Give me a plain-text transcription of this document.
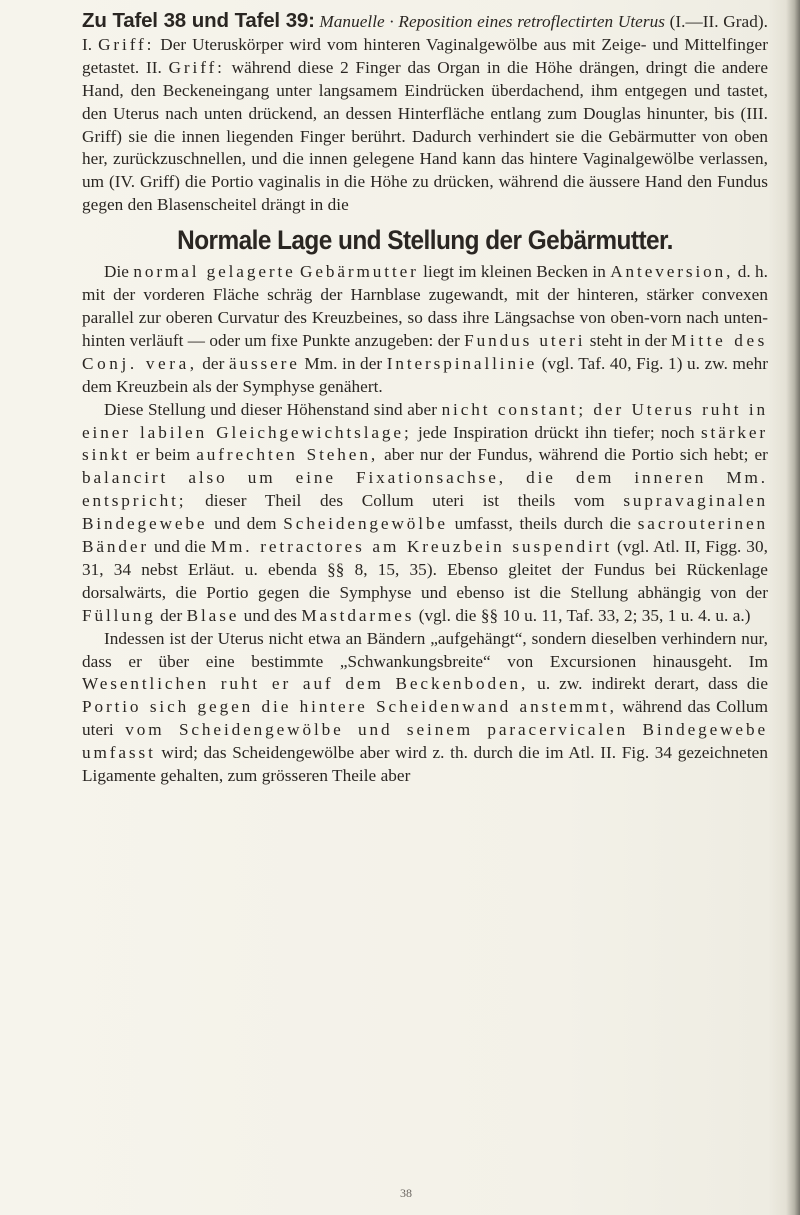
Zu Tafel 38 und Tafel 39: Manuelle · Reposition eines retroflectirten Uterus (I.—II. Grad). I. Griff: Der Uteruskörper wird vom hinteren Vaginalgewölbe aus mit Zeige- und Mittelfinger getastet. II. Griff: während diese 2 Finger das Organ in die Höhe drängen, dringt die andere Hand, den Beckeneingang unter langsamem Eindrücken überdachend, ihm entgegen und tastet, den Uterus nach unten drückend, an dessen Hinterfläche entlang zum Douglas hinunter, bis (III. Griff) sie die innen liegenden Finger berührt. Dadurch verhindert sie die Gebärmutter von oben her, zurückzuschnellen, und die innen gelegene Hand kann das hintere Vaginalgewölbe verlassen, um (IV. Griff) die Portio vaginalis in die Höhe zu drücken, während die äussere Hand den Fundus gegen den Blasenscheitel drängt in die

Normale Lage und Stellung der Gebärmutter.

Die normal gelagerte Gebärmutter liegt im kleinen Becken in Anteversion, d. h. mit der vorderen Fläche schräg der Harnblase zugewandt, mit der hinteren, stärker convexen parallel zur oberen Curvatur des Kreuzbeines, so dass ihre Längsachse von oben-vorn nach unten-hinten verläuft — oder um fixe Punkte anzugeben: der Fundus uteri steht in der Mitte des Conj. vera, der äussere Mm. in der Interspinallinie (vgl. Taf. 40, Fig. 1) u. zw. mehr dem Kreuzbein als der Symphyse genähert.

Diese Stellung und dieser Höhenstand sind aber nicht constant; der Uterus ruht in einer labilen Gleichgewichtslage; jede Inspiration drückt ihn tiefer; noch stärker sinkt er beim aufrechten Stehen, aber nur der Fundus, während die Portio sich hebt; er balancirt also um eine Fixationsachse, die dem inneren Mm. entspricht; dieser Theil des Collum uteri ist theils vom supravaginalen Bindegewebe und dem Scheidengewölbe umfasst, theils durch die sacrouterinen Bänder und die Mm. retractores am Kreuzbein suspendirt (vgl. Atl. II, Figg. 30, 31, 34 nebst Erläut. u. ebenda §§ 8, 15, 35). Ebenso gleitet der Fundus bei Rückenlage dorsalwärts, die Portio gegen die Symphyse und ebenso ist die Stellung abhängig von der Füllung der Blase und des Mastdarmes (vgl. die §§ 10 u. 11, Taf. 33, 2; 35, 1 u. 4. u. a.)

Indessen ist der Uterus nicht etwa an Bändern „aufgehängt“, sondern dieselben verhindern nur, dass er über eine bestimmte „Schwankungsbreite“ von Excursionen hinausgeht. Im Wesentlichen ruht er auf dem Beckenboden, u. zw. indirekt derart, dass die Portio sich gegen die hintere Scheidenwand anstemmt, während das Collum uteri vom Scheidengewölbe und seinem paracervicalen Bindegewebe umfasst wird; das Scheidengewölbe aber wird z. th. durch die im Atl. II. Fig. 34 gezeichneten Ligamente gehalten, zum grösseren Theile aber

38
